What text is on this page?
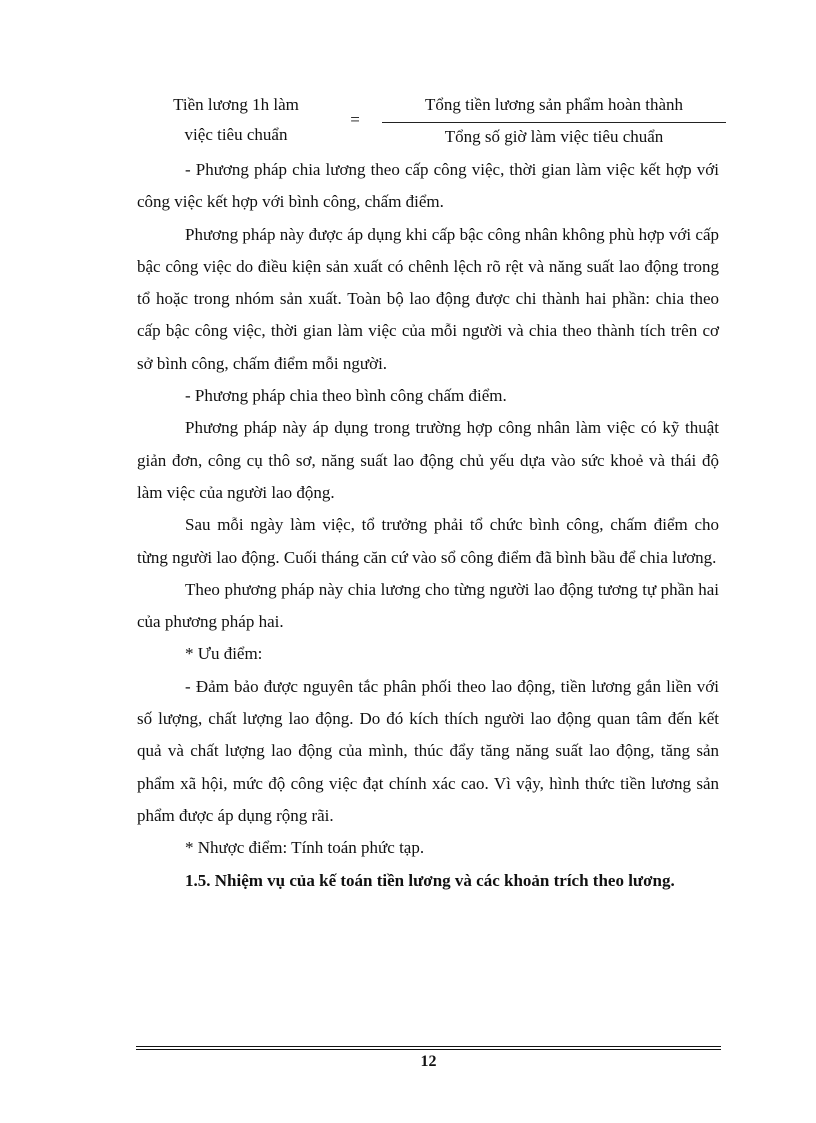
Tiền lương 1h làm
việc tiêu chuẩn
=
Tổng tiền lương sản phẩm hoàn thành
Tổng số giờ làm việc tiêu chuẩn

- Phương pháp chia lương theo cấp công việc, thời gian làm việc kết hợp với công việc kết hợp với bình công, chấm điểm.

Phương pháp này được áp dụng khi cấp bậc công nhân không phù hợp với cấp bậc công việc do điều kiện sản xuất có chênh lệch rõ rệt và năng suất lao động trong tổ hoặc trong nhóm sản xuất. Toàn bộ lao động được chi thành hai phần: chia theo cấp bậc công việc, thời gian làm việc của mỗi người và chia theo thành tích trên cơ sở bình công, chấm điểm mỗi người.

- Phương pháp chia theo bình công chấm điểm.

Phương pháp này áp dụng trong trường hợp công nhân làm việc có kỹ thuật giản đơn, công cụ thô sơ, năng suất lao động chủ yếu dựa vào sức khoẻ và thái độ làm việc của người lao động.

Sau mỗi ngày làm việc, tổ trưởng phải tổ chức bình công, chấm điểm cho từng người lao động. Cuối tháng căn cứ vào sổ công điểm đã bình bầu để chia lương.

Theo phương pháp này chia lương cho từng người lao động tương tự phần hai của phương pháp hai.

* Ưu điểm:

- Đảm bảo được nguyên tắc phân phối theo lao động, tiền lương gắn liền với số lượng, chất lượng lao động. Do đó kích thích người lao động quan tâm đến kết quả và chất lượng lao động của mình, thúc đẩy tăng năng suất lao động, tăng sản phẩm xã hội, mức độ công việc đạt chính xác cao. Vì vậy, hình thức tiền lương sản phẩm được áp dụng rộng rãi.

* Nhược điểm: Tính toán phức tạp.

1.5. Nhiệm vụ của kế toán tiền lương và các khoản trích theo lương.

12
